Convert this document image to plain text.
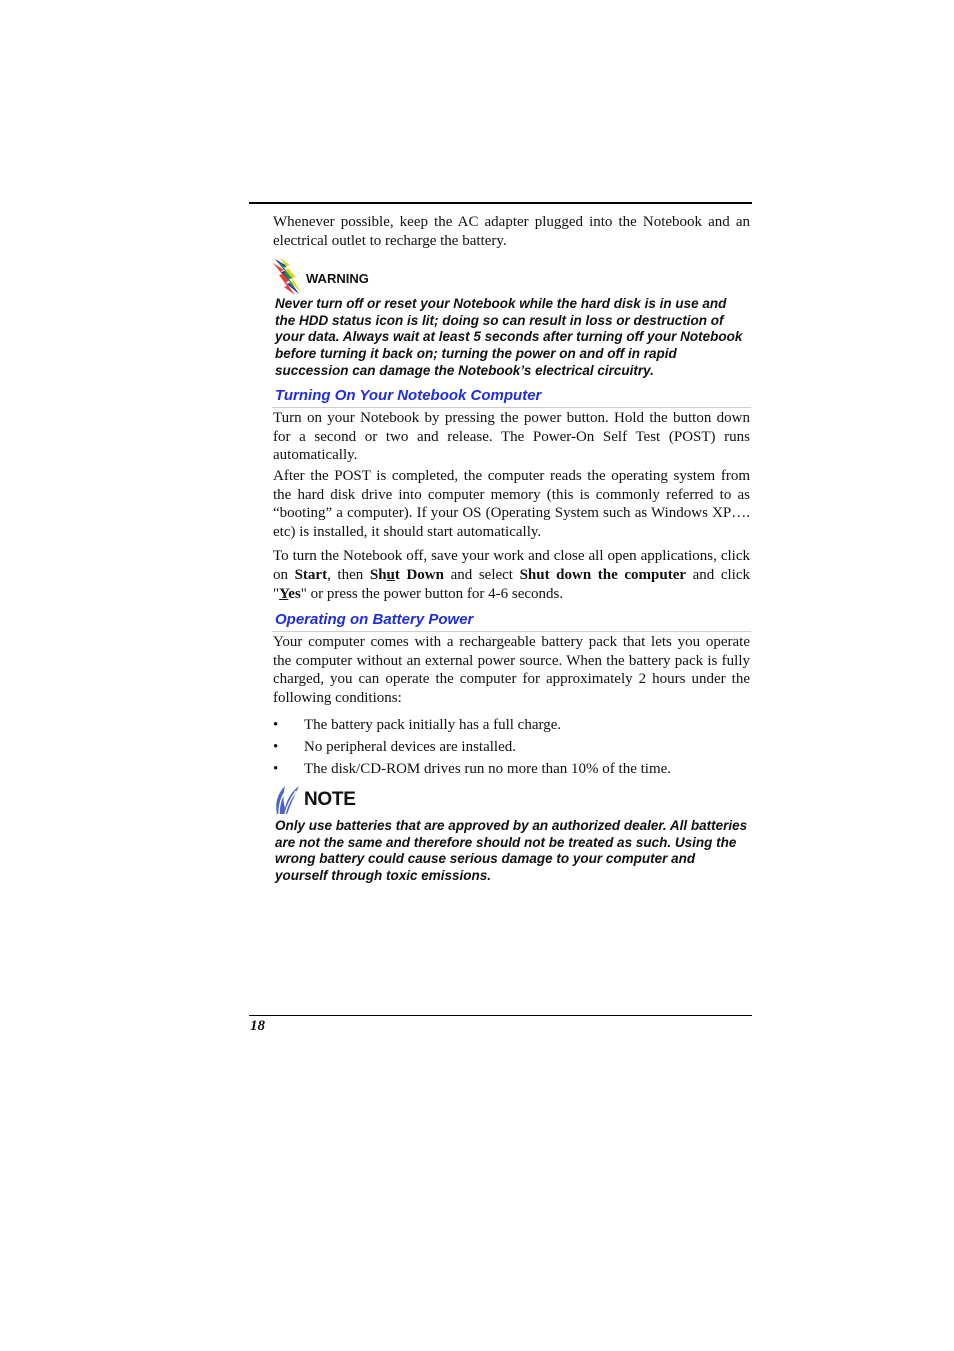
Whenever possible, keep the AC adapter plugged into the Notebook and an electrical outlet to recharge the battery.

WARNING

Never turn off or reset your Notebook while the hard disk is in use and the HDD status icon is lit; doing so can result in loss or destruction of your data. Always wait at least 5 seconds after turning off your Notebook before turning it back on; turning the power on and off in rapid succession can damage the Notebook’s electrical circuitry.

Turning On Your Notebook Computer

Turn on your Notebook by pressing the power button. Hold the button down for a second or two and release. The Power-On Self Test (POST) runs automatically.

After the POST is completed, the computer reads the operating system from the hard disk drive into computer memory (this is commonly referred to as “booting” a computer). If your OS (Operating System such as Windows XP…. etc) is installed, it should start automatically.

To turn the Notebook off, save your work and close all open applications, click on Start, then Shut Down and select Shut down the computer and click "Yes" or press the power button for 4-6 seconds.

Operating on Battery Power

Your computer comes with a rechargeable battery pack that lets you operate the computer without an external power source. When the battery pack is fully charged, you can operate the computer for approximately 2 hours under the following conditions:

• The battery pack initially has a full charge.
• No peripheral devices are installed.
• The disk/CD-ROM drives run no more than 10% of the time.
NOTE

Only use batteries that are approved by an authorized dealer. All batteries are not the same and therefore should not be treated as such. Using the wrong battery could cause serious damage to your computer and yourself through toxic emissions.

18
